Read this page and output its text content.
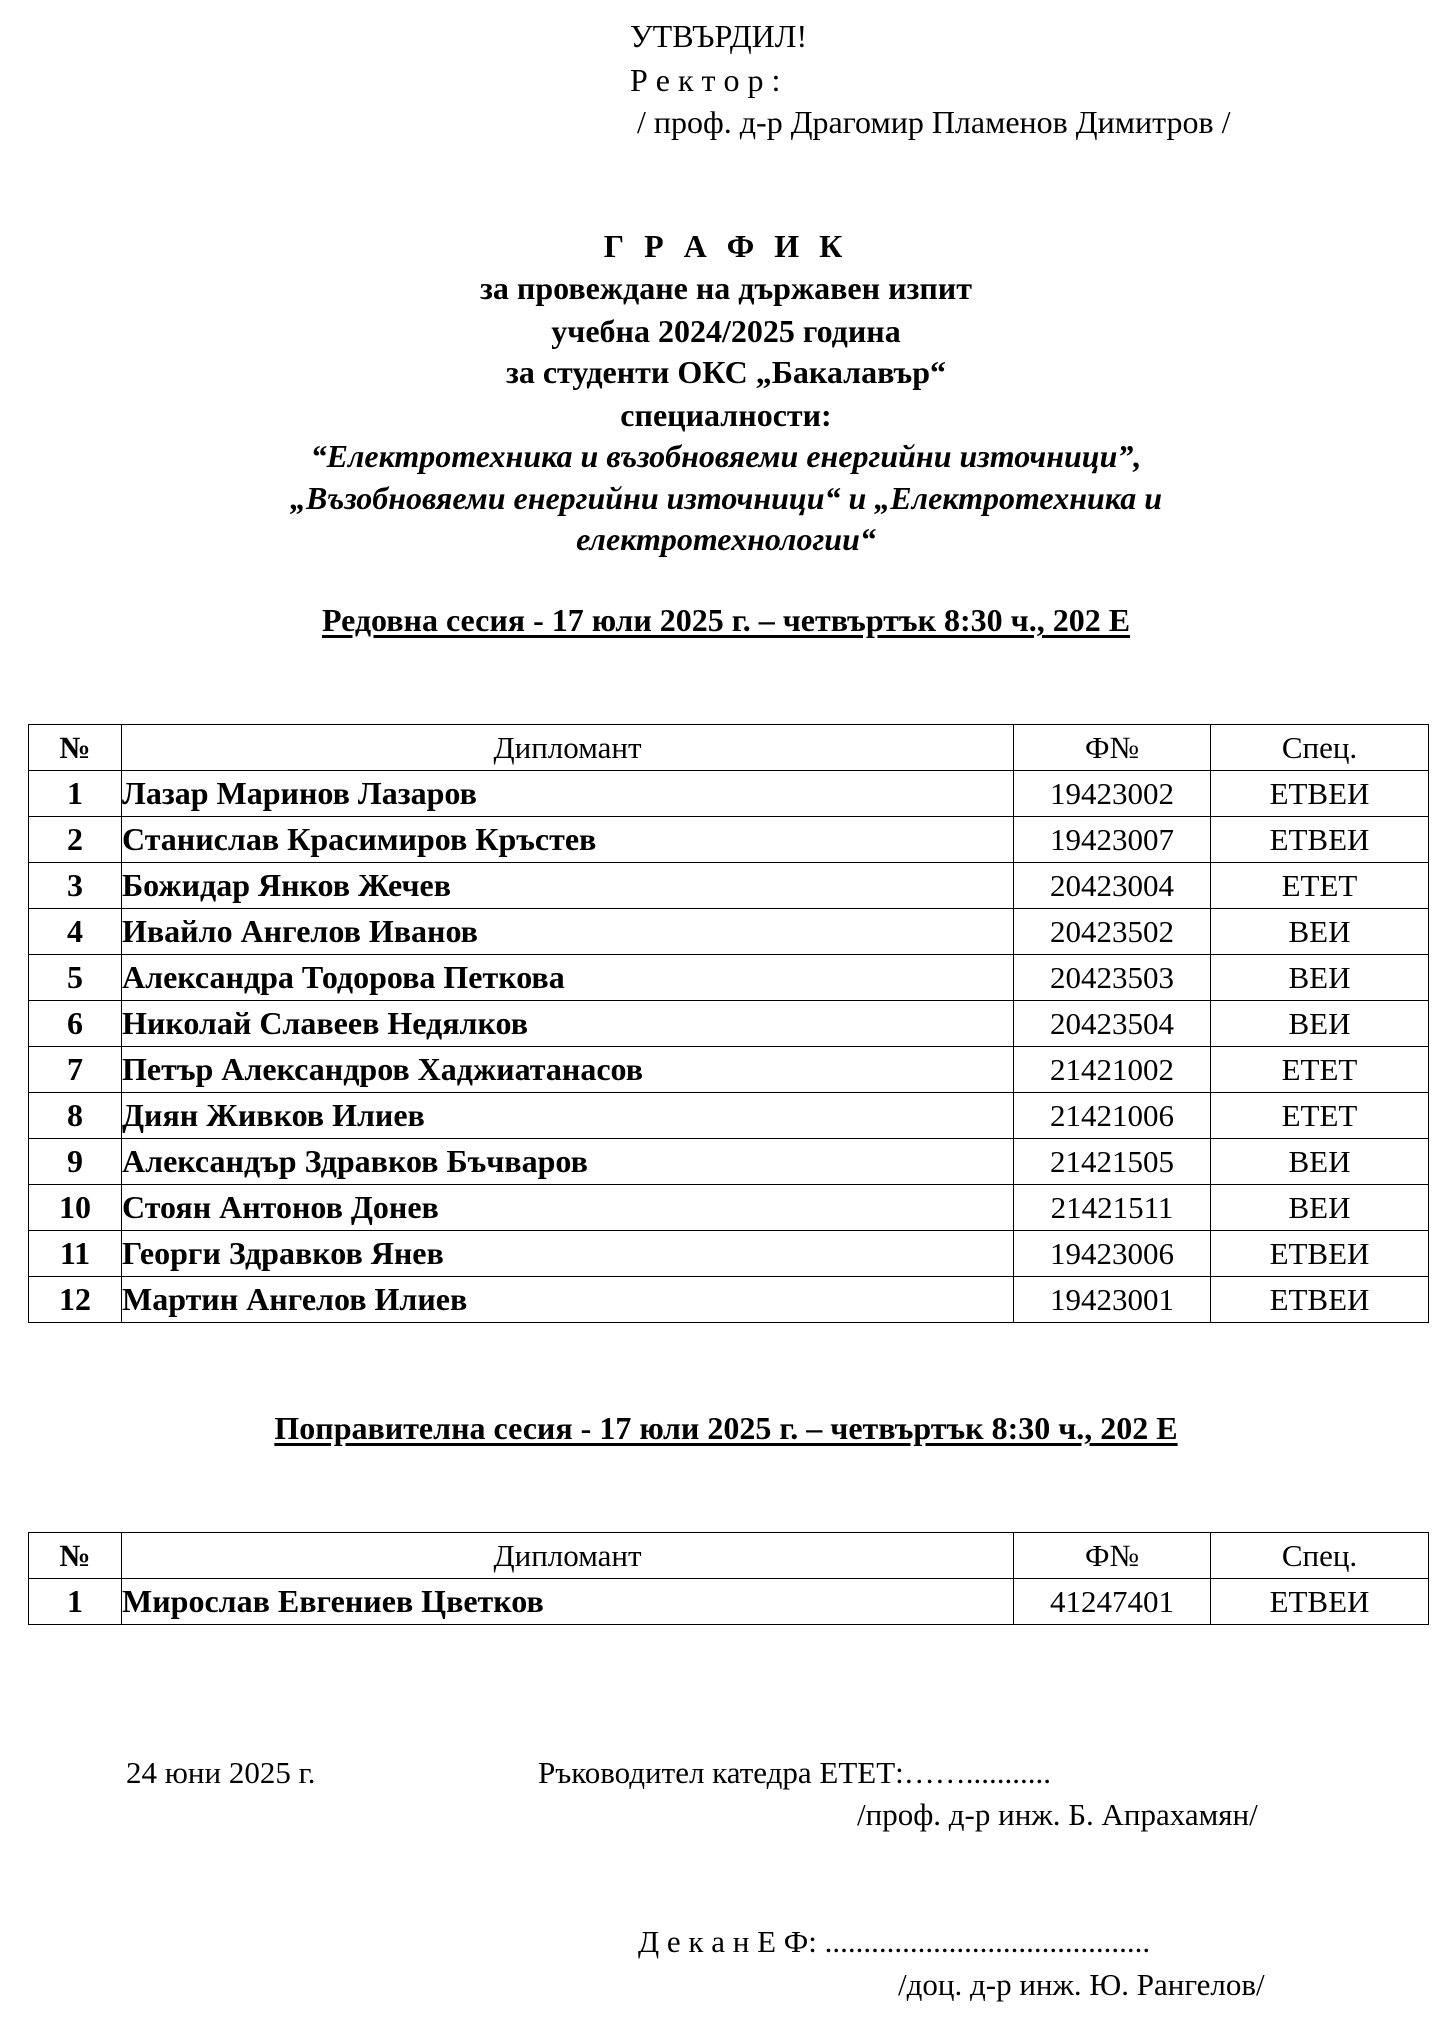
УТВЪРДИЛ!
Р е к т о р :
/ проф. д-р Драгомир Пламенов Димитров /
Г Р А Ф И К
за провеждане на държавен изпит
учебна 2024/2025 година
за студенти ОКС „Бакалавър“
специалности:
“Електротехника и възобновяеми енергийни източници”,
„Възобновяеми енергийни източници“ и „Електротехника и
електротехнологии“
Редовна сесия - 17 юли 2025 г. – четвъртък 8:30 ч., 202 Е
№	Дипломант	Ф№	Спец.
1	Лазар Маринов Лазаров	19423002	ЕТВЕИ
2	Станислав Красимиров Кръстев	19423007	ЕТВЕИ
3	Божидар Янков Жечев	20423004	ЕТЕТ
4	Ивайло Ангелов Иванов	20423502	ВЕИ
5	Александра Тодорова Петкова	20423503	ВЕИ
6	Николай Славеев Недялков	20423504	ВЕИ
7	Петър Александров Хаджиатанасов	21421002	ЕТЕТ
8	Диян Живков Илиев	21421006	ЕТЕТ
9	Александър Здравков Бъчваров	21421505	ВЕИ
10	Стоян Антонов Донев	21421511	ВЕИ
11	Георги Здравков Янев	19423006	ЕТВЕИ
12	Мартин Ангелов Илиев	19423001	ЕТВЕИ
Поправителна сесия - 17 юли 2025 г. – четвъртък 8:30 ч., 202 Е
№	Дипломант	Ф№	Спец.
1	Мирослав Евгениев Цветков	41247401	ЕТВЕИ
24 юни 2025 г.	Ръководител катедра ЕТЕТ:……...........
/проф. д-р инж. Б. Апрахамян/
Д е к а н Е Ф: ..........................................
/доц. д-р инж. Ю. Рангелов/
